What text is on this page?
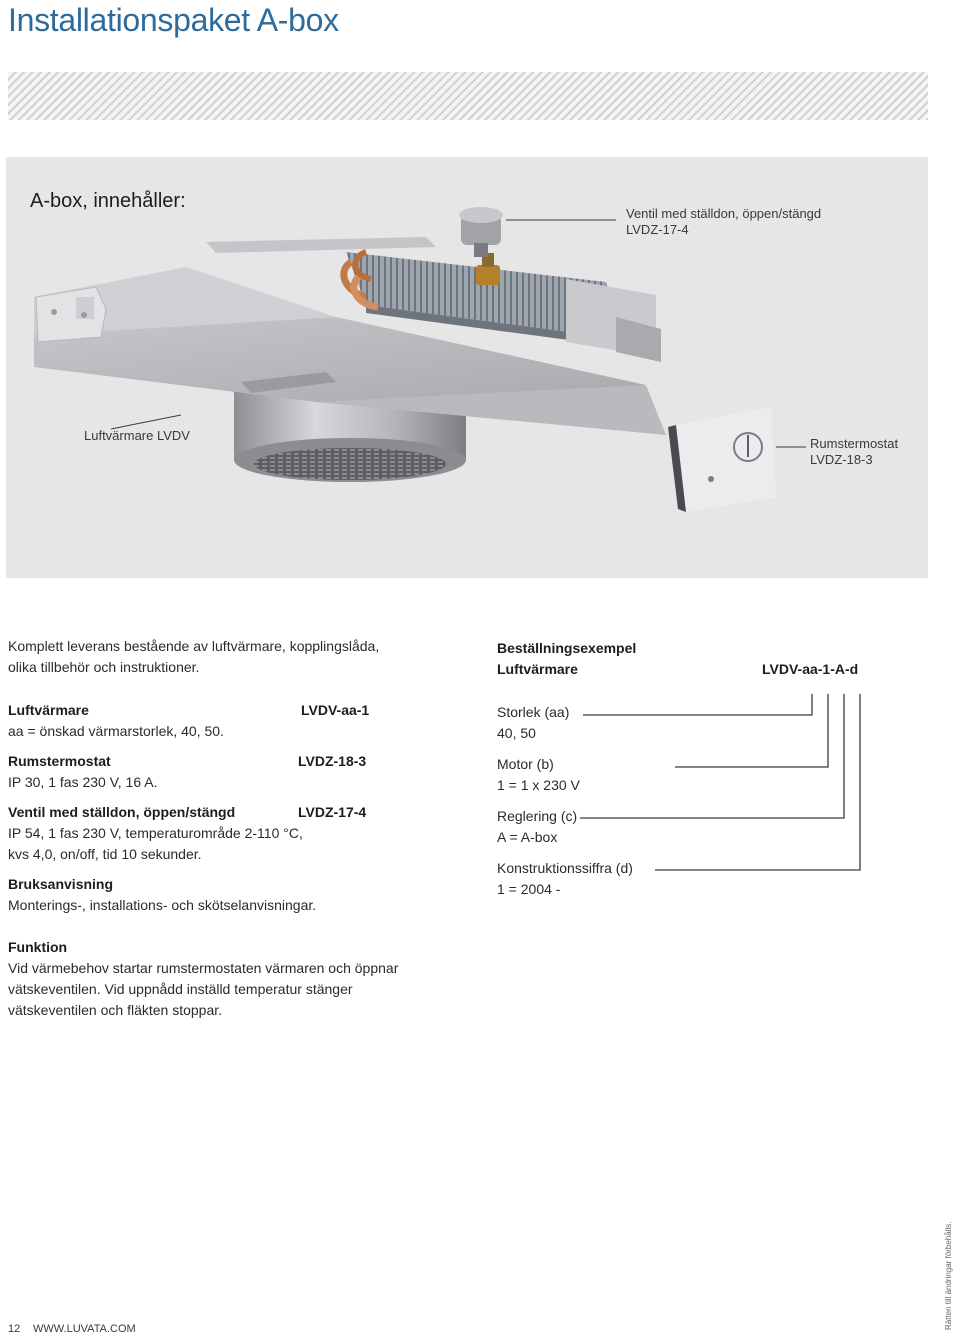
Installationspaket A-box
A-box, innehåller:
Ventil med ställdon, öppen/stängd
LVDZ-17-4
Luftvärmare LVDV
Rumstermostat
LVDZ-18-3
Komplett leverans bestående av luftvärmare, kopplingslåda,
olika tillbehör och instruktioner.
Luftvärmare	LVDV-aa-1
aa = önskad värmarstorlek, 40, 50.
Rumstermostat	LVDZ-18-3
IP 30, 1 fas 230 V, 16 A.
Ventil med ställdon, öppen/stängd	LVDZ-17-4
IP 54, 1 fas 230 V, temperaturområde 2-110 °C,
kvs 4,0, on/off, tid 10 sekunder.
Bruksanvisning
Monterings-, installations- och skötselanvisningar.
Funktion
Vid värmebehov startar rumstermostaten värmaren och öppnar
vätskeventilen. Vid uppnådd inställd temperatur stänger
vätskeventilen och fläkten stoppar.
Beställningsexempel
Luftvärmare	LVDV-aa-1-A-d
Storlek (aa)
40, 50
Motor (b)
1 = 1 x 230 V
Reglering (c)
A = A-box
Konstruktionssiffra (d)
1 = 2004 -
12 WWW.LUVATA.COM	Rätten till ändringar förbehålls.
